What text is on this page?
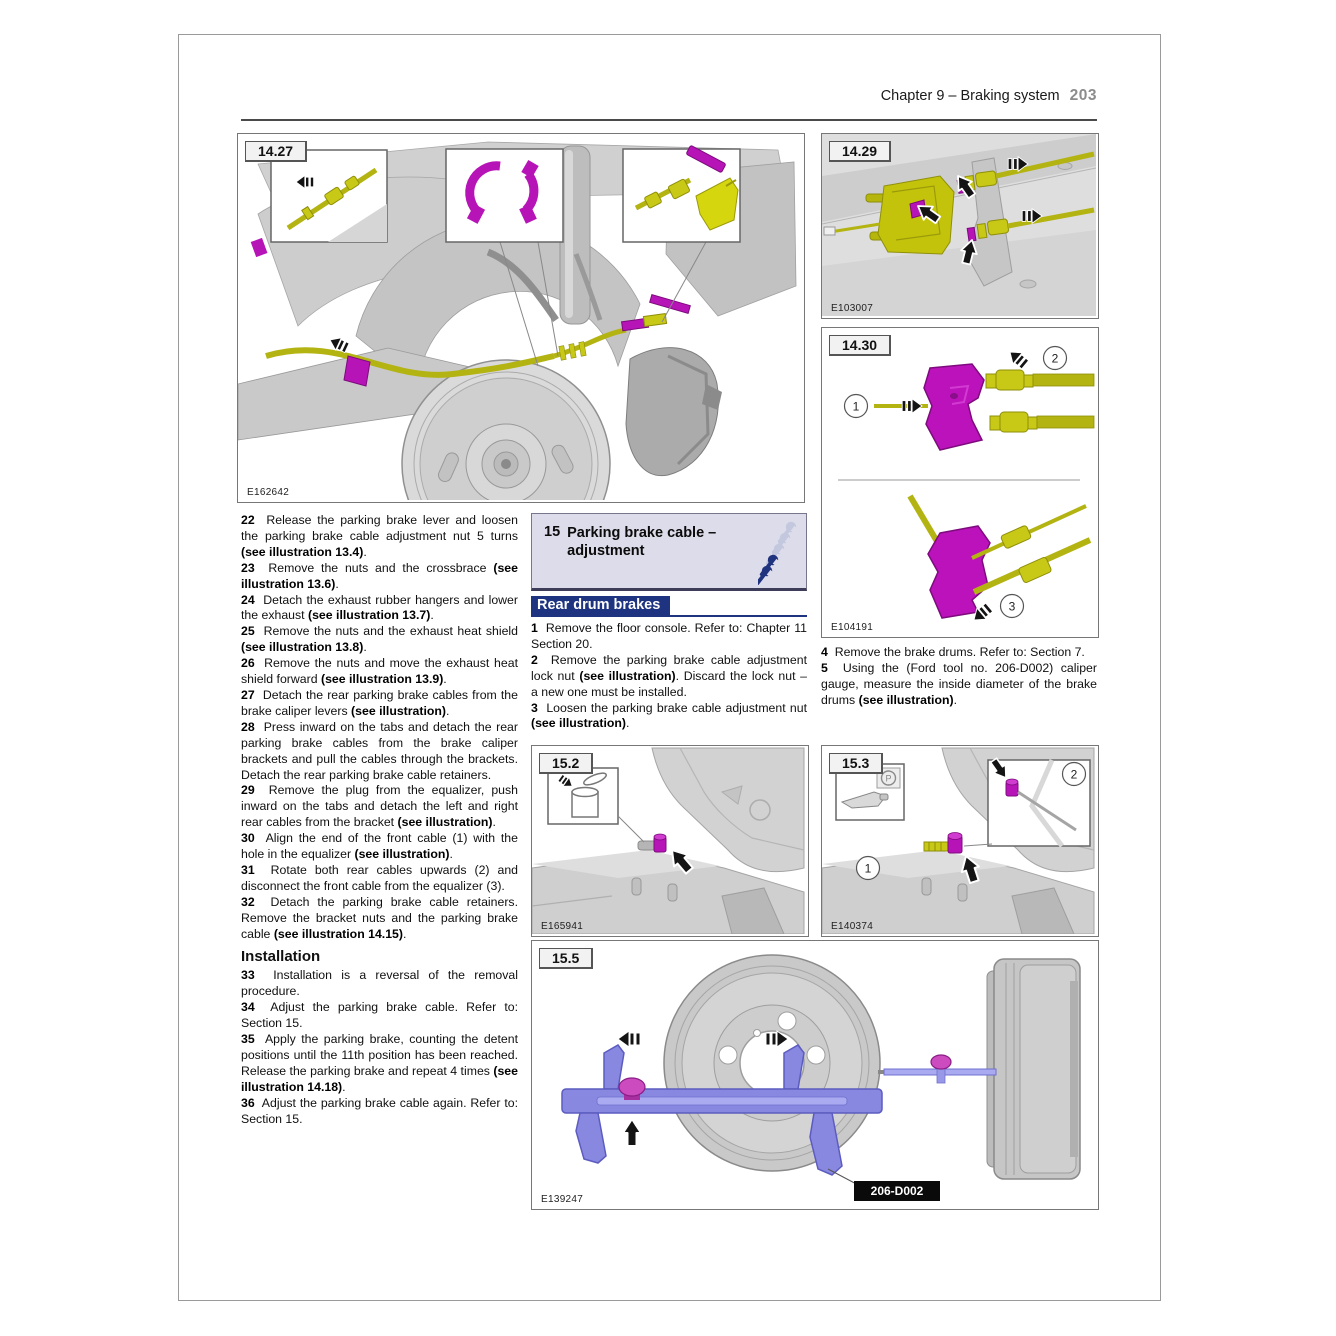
Chapter 9 – Braking system 203
14.27
E162642
14.29
E103007
1
2
3
14.30
E104191

22 Release the parking brake lever and loosen the parking brake cable adjustment nut 5 turns (see illustration 13.4).

23 Remove the nuts and the crossbrace (see illustration 13.6).

24 Detach the exhaust rubber hangers and lower the exhaust (see illustration 13.7).

25 Remove the nuts and the exhaust heat shield (see illustration 13.8).

26 Remove the nuts and move the exhaust heat shield forward (see illustration 13.9).

27 Detach the rear parking brake cables from the brake caliper levers (see illustration).

28 Press inward on the tabs and detach the rear parking brake cables from the brake caliper brackets and pull the cables through the brackets. Detach the rear parking brake cable retainers.

29 Remove the plug from the equalizer, push inward on the tabs and detach the left and right rear cables from the bracket (see illustration).

30 Align the end of the front cable (1) with the hole in the equalizer (see illustration).

31 Rotate both rear cables upwards (2) and disconnect the front cable from the equalizer (3).

32 Detach the parking brake cable retainers. Remove the bracket nuts and the parking brake cable (see illustration 14.15).

Installation

33 Installation is a reversal of the removal procedure.

34 Adjust the parking brake cable. Refer to: Section 15.

35 Apply the parking brake, counting the detent positions until the 11th position has been reached. Release the parking brake and repeat 4 times (see illustration 14.18).

36 Adjust the parking brake cable again. Refer to: Section 15.

15 Parking brake cable – adjustment
Rear drum brakes

1 Remove the floor console. Refer to: Chapter 11 Section 20.

2 Remove the parking brake cable adjustment lock nut (see illustration). Discard the lock nut – a new one must be installed.

3 Loosen the parking brake cable adjustment nut (see illustration).

4 Remove the brake drums. Refer to: Section 7.

5 Using the (Ford tool no. 206-D002) caliper gauge, measure the inside diameter of the brake drums (see illustration).

15.2
E165941
1
P	2
15.3
E140374
206-D002
15.5
E139247
